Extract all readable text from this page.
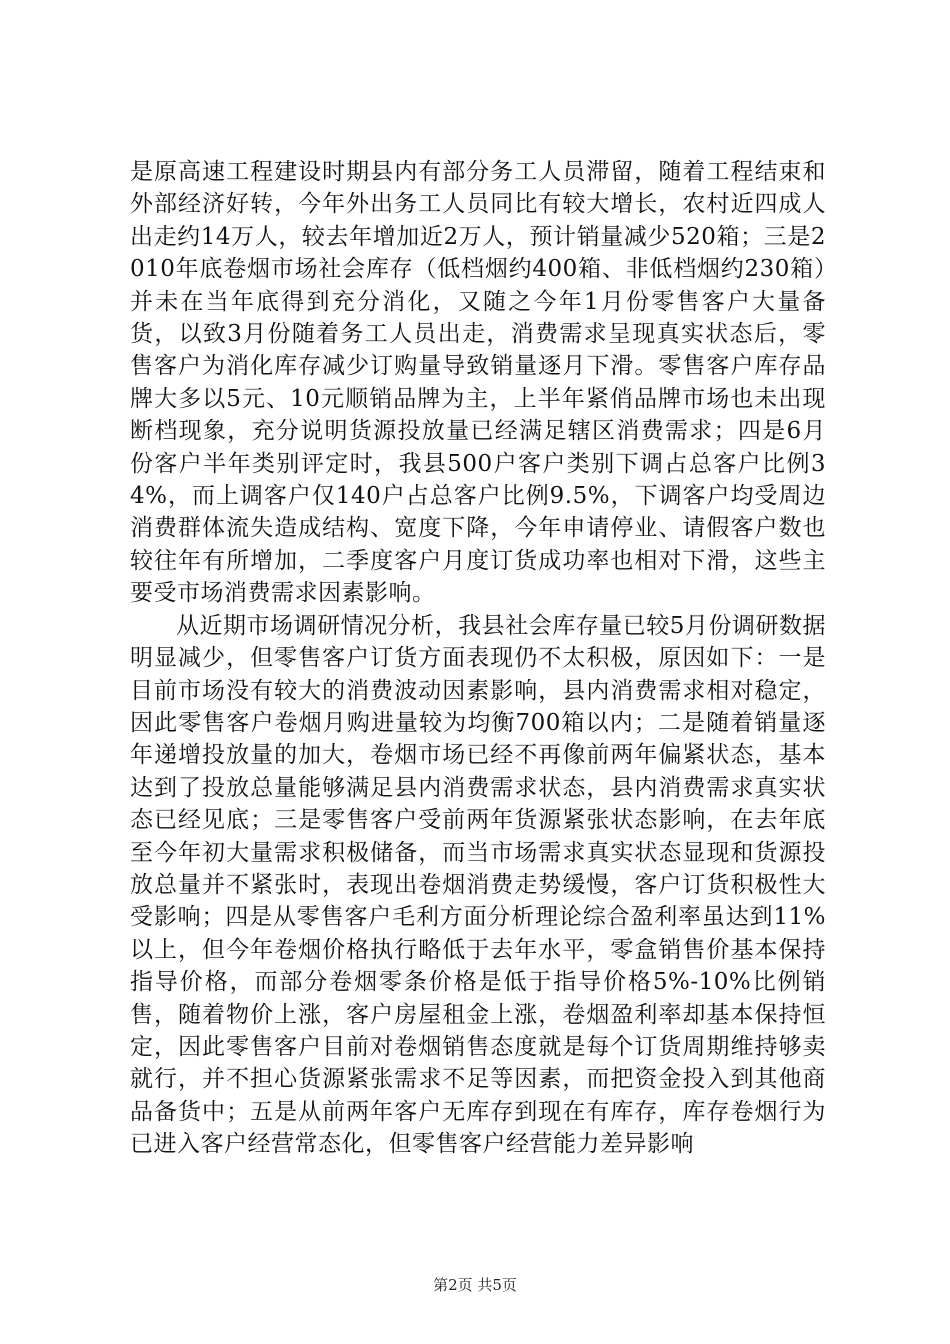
是原高速工程建设时期县内有部分务工人员滞留，随着工程结束和外部经济好转，今年外出务工人员同比有较大增长，农村近四成人出走约14万人，较去年增加近2万人，预计销量减少520箱；三是2010年底卷烟市场社会库存（低档烟约400箱、非低档烟约230箱）并未在当年底得到充分消化，又随之今年1月份零售客户大量备货，以致3月份随着务工人员出走，消费需求呈现真实状态后，零售客户为消化库存减少订购量导致销量逐月下滑。零售客户库存品牌大多以5元、10元顺销品牌为主，上半年紧俏品牌市场也未出现断档现象，充分说明货源投放量已经满足辖区消费需求；四是6月份客户半年类别评定时，我县500户客户类别下调占总客户比例34%，而上调客户仅140户占总客户比例9.5%，下调客户均受周边消费群体流失造成结构、宽度下降，今年申请停业、请假客户数也较往年有所增加，二季度客户月度订货成功率也相对下滑，这些主要受市场消费需求因素影响。

从近期市场调研情况分析，我县社会库存量已较5月份调研数据明显减少，但零售客户订货方面表现仍不太积极，原因如下：一是目前市场没有较大的消费波动因素影响，县内消费需求相对稳定，因此零售客户卷烟月购进量较为均衡700箱以内；二是随着销量逐年递增投放量的加大，卷烟市场已经不再像前两年偏紧状态，基本达到了投放总量能够满足县内消费需求状态，县内消费需求真实状态已经见底；三是零售客户受前两年货源紧张状态影响，在去年底至今年初大量需求积极储备，而当市场需求真实状态显现和货源投放总量并不紧张时，表现出卷烟消费走势缓慢，客户订货积极性大受影响；四是从零售客户毛利方面分析理论综合盈利率虽达到11%以上，但今年卷烟价格执行略低于去年水平，零盒销售价基本保持指导价格，而部分卷烟零条价格是低于指导价格5%-10%比例销售，随着物价上涨，客户房屋租金上涨，卷烟盈利率却基本保持恒定，因此零售客户目前对卷烟销售态度就是每个订货周期维持够卖就行，并不担心货源紧张需求不足等因素，而把资金投入到其他商品备货中；五是从前两年客户无库存到现在有库存，库存卷烟行为已进入客户经营常态化，但零售客户经营能力差异影响

第2页 共5页
